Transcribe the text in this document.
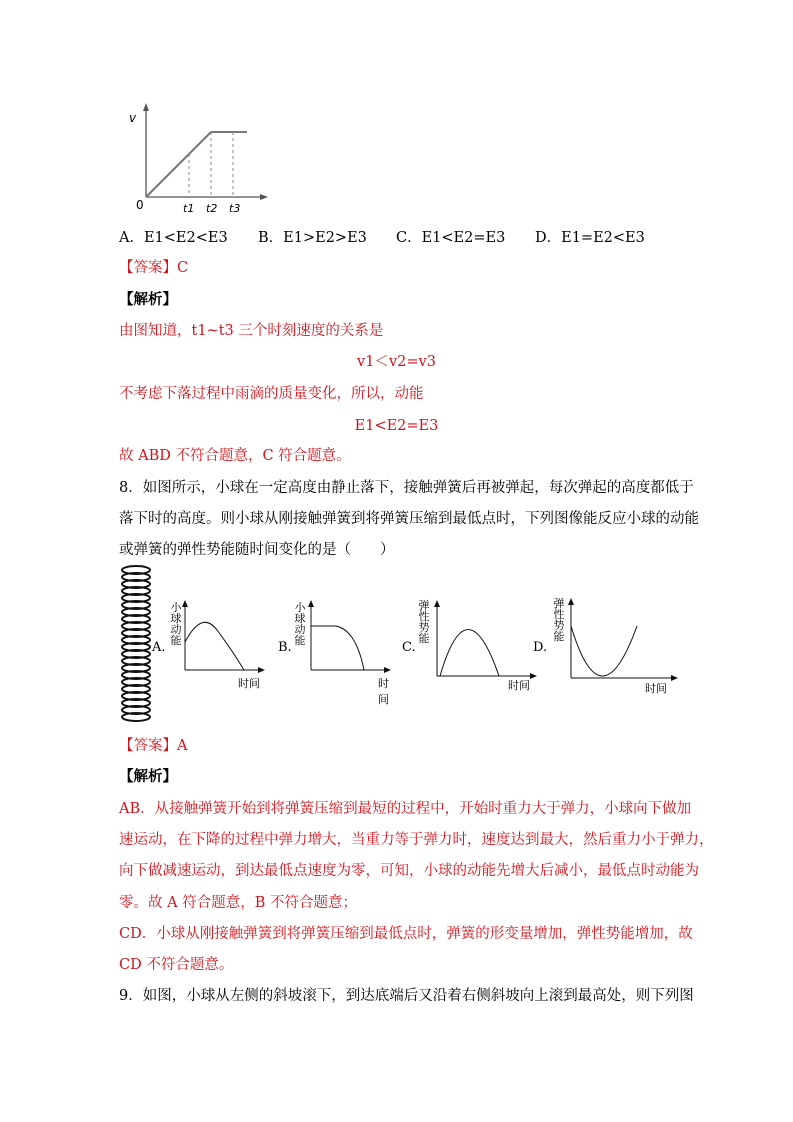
v
0	t1 t2 t3
A．E1<E2<E3 B．E1>E2>E3 C．E1<E2=E3 D．E1=E2<E3
【答案】C
【解析】
由图知道，t1~t3 三个时刻速度的关系是
v1＜v2=v3
不考虑下落过程中雨滴的质量变化，所以，动能
E1<E2=E3
故 ABD 不符合题意，C 符合题意。
8．如图所示，小球在一定高度由静止落下，接触弹簧后再被弹起，每次弹起的高度都低于
落下时的高度。则小球从刚接触弹簧到将弹簧压缩到最低点时，下列图像能反应小球的动能
或弹簧的弹性势能随时间变化的是（　　）
小球动能
A.
时间
小球动能
B.
时间
弹性势能
C.
时间
弹性势能
D.
时间
【答案】A
【解析】
AB．从接触弹簧开始到将弹簧压缩到最短的过程中，开始时重力大于弹力，小球向下做加
速运动，在下降的过程中弹力增大，当重力等于弹力时，速度达到最大，然后重力小于弹力，
向下做减速运动，到达最低点速度为零，可知，小球的动能先增大后减小，最低点时动能为
零。故 A 符合题意，B 不符合题意；
CD．小球从刚接触弹簧到将弹簧压缩到最低点时，弹簧的形变量增加，弹性势能增加，故
CD 不符合题意。
9．如图，小球从左侧的斜坡滚下，到达底端后又沿着右侧斜坡向上滚到最高处，则下列图
